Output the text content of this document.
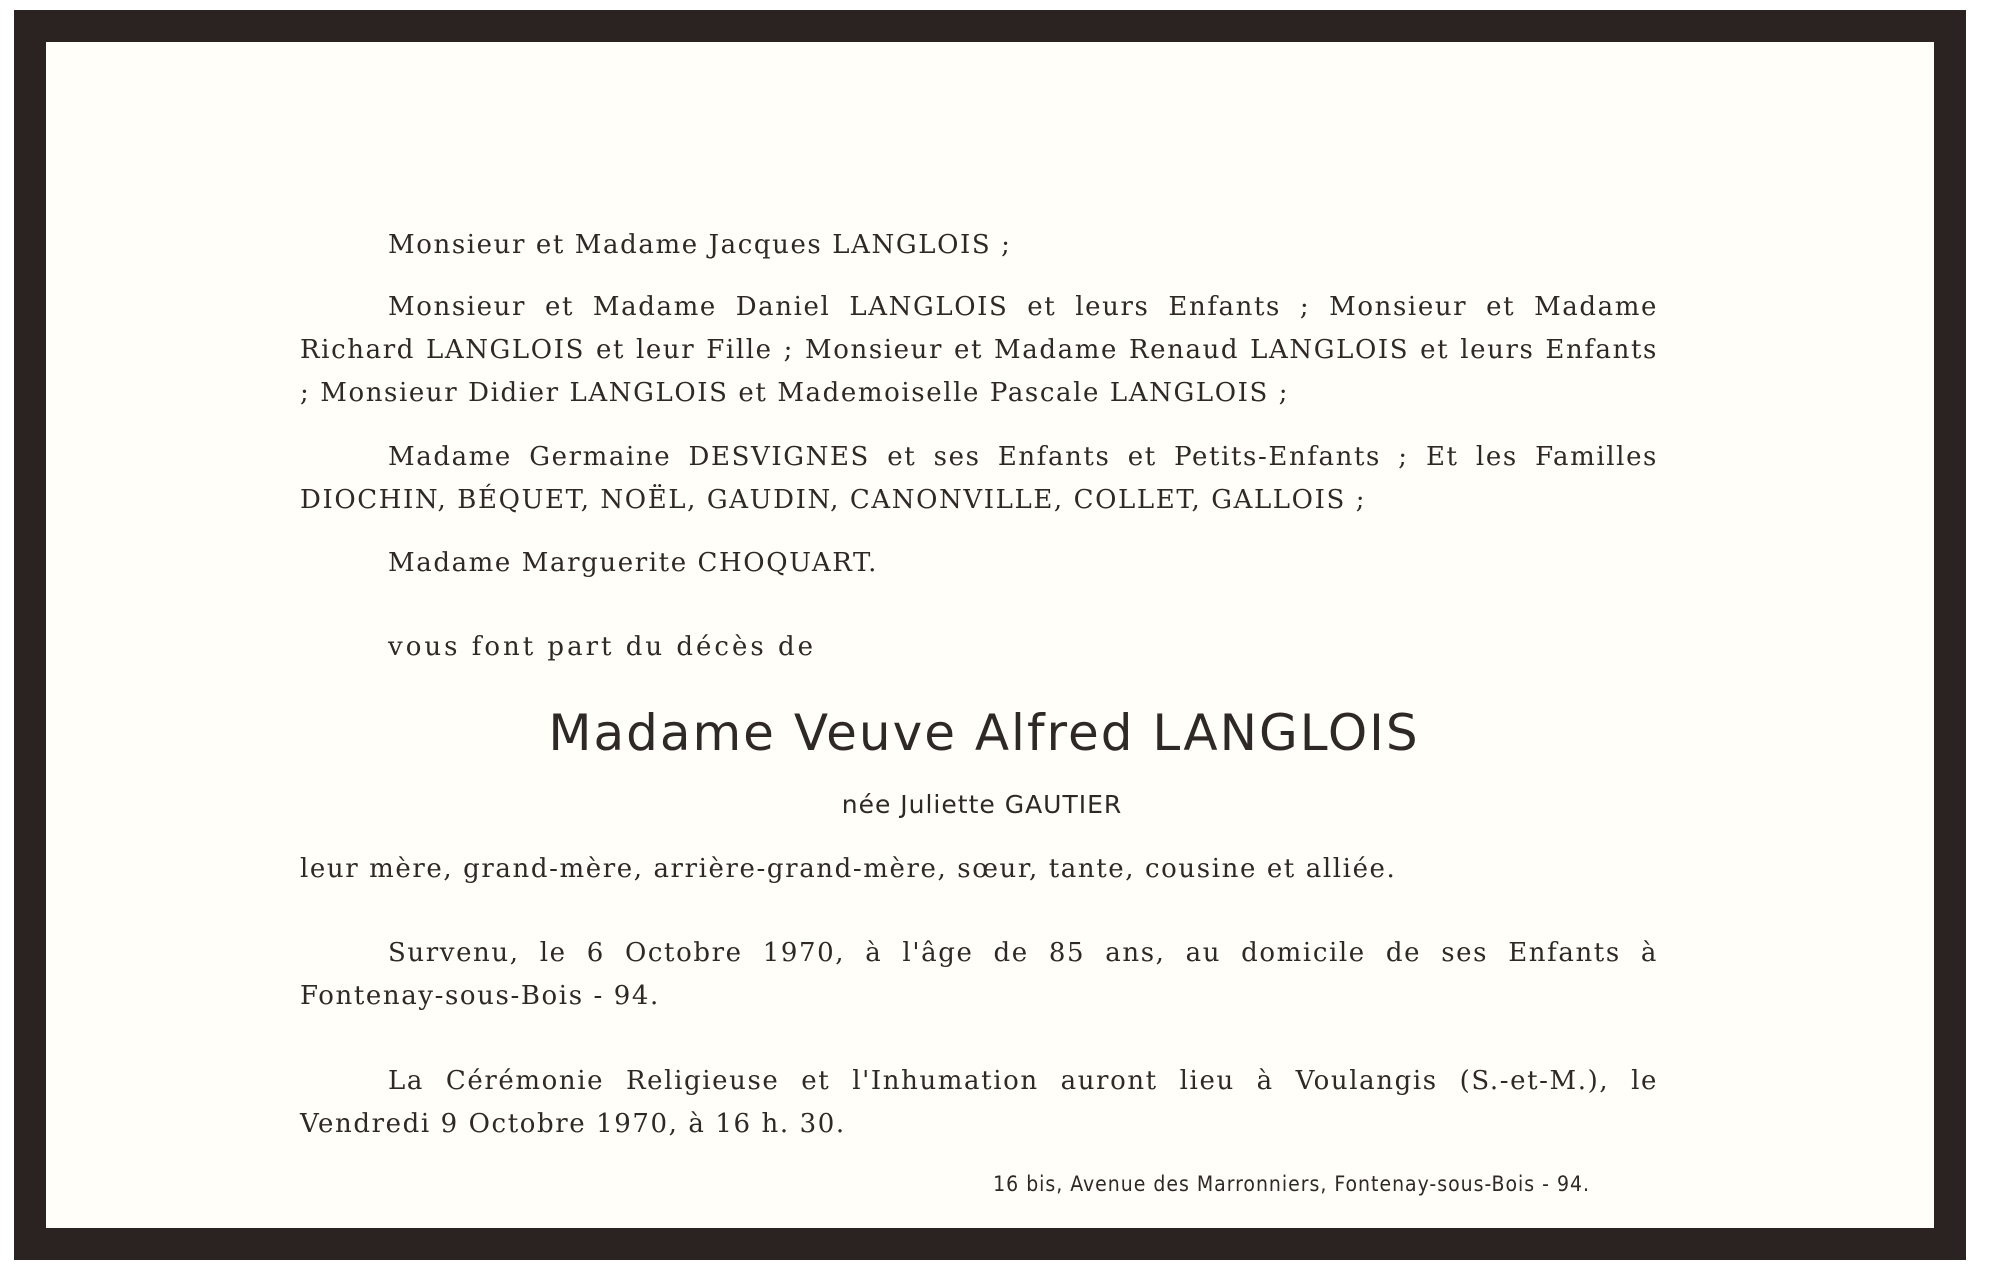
Monsieur et Madame Jacques LANGLOIS ;

Monsieur et Madame Daniel LANGLOIS et leurs Enfants ; Monsieur et Madame Richard LANGLOIS et leur Fille ; Monsieur et Madame Renaud LANGLOIS et leurs Enfants ; Monsieur Didier LANGLOIS et Mademoiselle Pascale LANGLOIS ;

Madame Germaine DESVIGNES et ses Enfants et Petits-Enfants ; Et les Familles DIOCHIN, BÉQUET, NOËL, GAUDIN, CANONVILLE, COLLET, GALLOIS ;

Madame Marguerite CHOQUART.

vous font part du décès de

Madame Veuve Alfred LANGLOIS
née Juliette GAUTIER

leur mère, grand-mère, arrière-grand-mère, sœur, tante, cousine et alliée.

Survenu, le 6 Octobre 1970, à l'âge de 85 ans, au domicile de ses Enfants à Fontenay-sous-Bois - 94.

La Cérémonie Religieuse et l'Inhumation auront lieu à Voulangis (S.-et-M.), le Vendredi 9 Octobre 1970, à 16 h. 30.

16 bis, Avenue des Marronniers, Fontenay-sous-Bois - 94.
